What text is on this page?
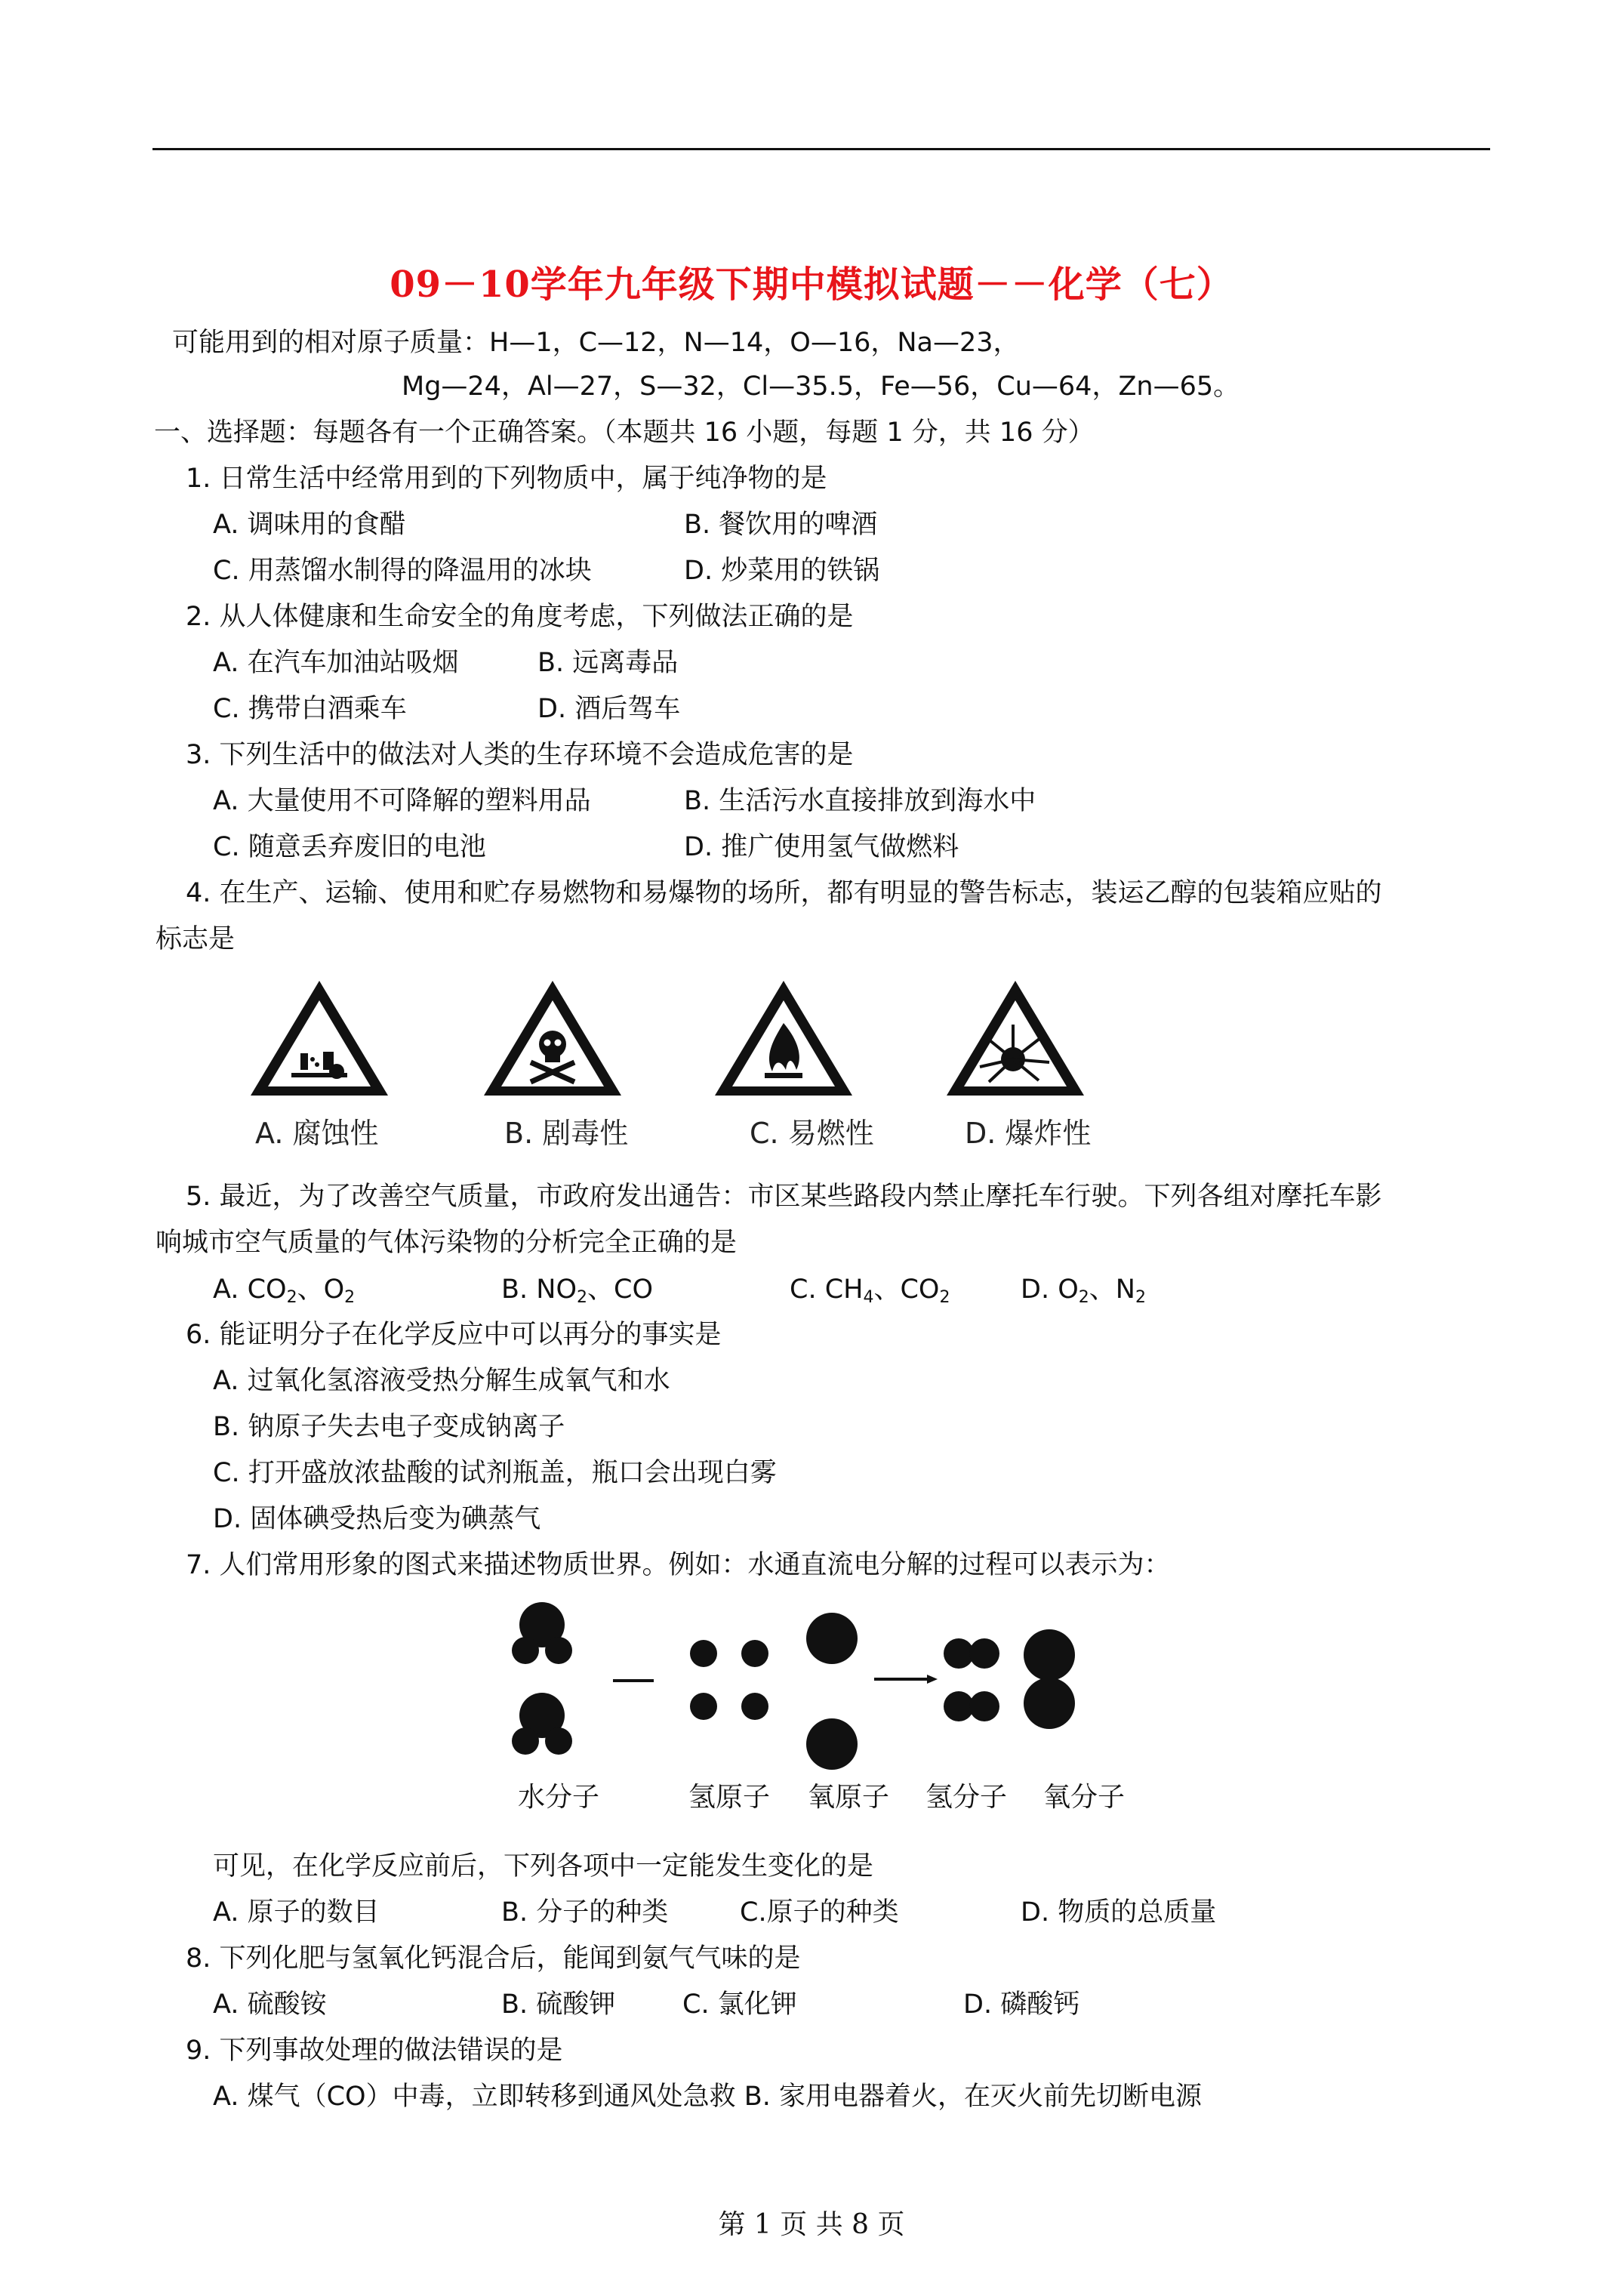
09－10学年九年级下期中模拟试题－－化学（七）
可能用到的相对原子质量：H—1，C—12，N—14，O—16，Na—23，
Mg—24，Al—27，S—32，Cl—35.5，Fe—56，Cu—64，Zn—65。
一、选择题：每题各有一个正确答案。（本题共 16 小题，每题 1 分，共 16 分）
1. 日常生活中经常用到的下列物质中，属于纯净物的是
A. 调味用的食醋	B. 餐饮用的啤酒
C. 用蒸馏水制得的降温用的冰块	D. 炒菜用的铁锅
2. 从人体健康和生命安全的角度考虑，下列做法正确的是
A. 在汽车加油站吸烟	B. 远离毒品
C. 携带白酒乘车	D. 酒后驾车
3. 下列生活中的做法对人类的生存环境不会造成危害的是
A. 大量使用不可降解的塑料用品	B. 生活污水直接排放到海水中
C. 随意丢弃废旧的电池	D. 推广使用氢气做燃料
4. 在生产、运输、使用和贮存易燃物和易爆物的场所，都有明显的警告标志，装运乙醇的包装箱应贴的
标志是
A. 腐蚀性	B. 剧毒性	C. 易燃性	D. 爆炸性
5. 最近，为了改善空气质量，市政府发出通告：市区某些路段内禁止摩托车行驶。下列各组对摩托车影
响城市空气质量的气体污染物的分析完全正确的是
A. $CO_2$、$O_2$	B. $NO_2$、CO	C. $CH_4$、$CO_2$	D. $O_2$、$N_2$
6. 能证明分子在化学反应中可以再分的事实是
A. 过氧化氢溶液受热分解生成氧气和水
B. 钠原子失去电子变成钠离子
C. 打开盛放浓盐酸的试剂瓶盖，瓶口会出现白雾
D. 固体碘受热后变为碘蒸气
7. 人们常用形象的图式来描述物质世界。例如：水通直流电分解的过程可以表示为：
水分子	氢原子 氧原子 氢分子 氧分子
可见，在化学反应前后，下列各项中一定能发生变化的是
A. 原子的数目	B. 分子的种类	C.原子的种类	D. 物质的总质量
8. 下列化肥与氢氧化钙混合后，能闻到氨气气味的是
A. 硫酸铵	B. 硫酸钾	C. 氯化钾	D. 磷酸钙
9. 下列事故处理的做法错误的是
A. 煤气（CO）中毒，立即转移到通风处急救 B. 家用电器着火，在灭火前先切断电源
第 1 页 共 8 页
